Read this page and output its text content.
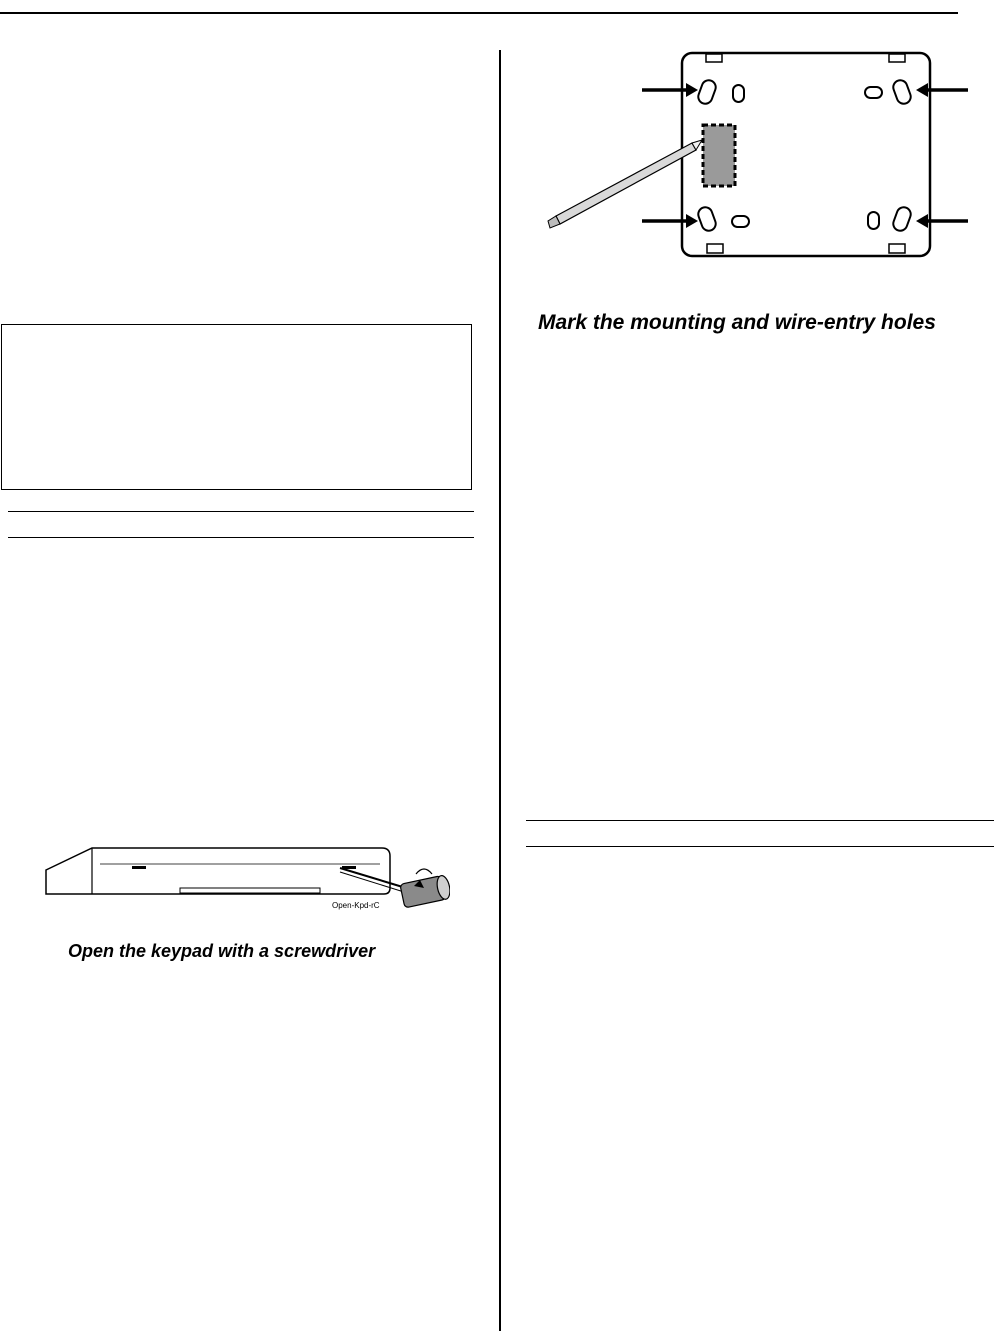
Mark the mounting and wire-entry holes
Open-Kpd-rC
Open the keypad with a screwdriver
